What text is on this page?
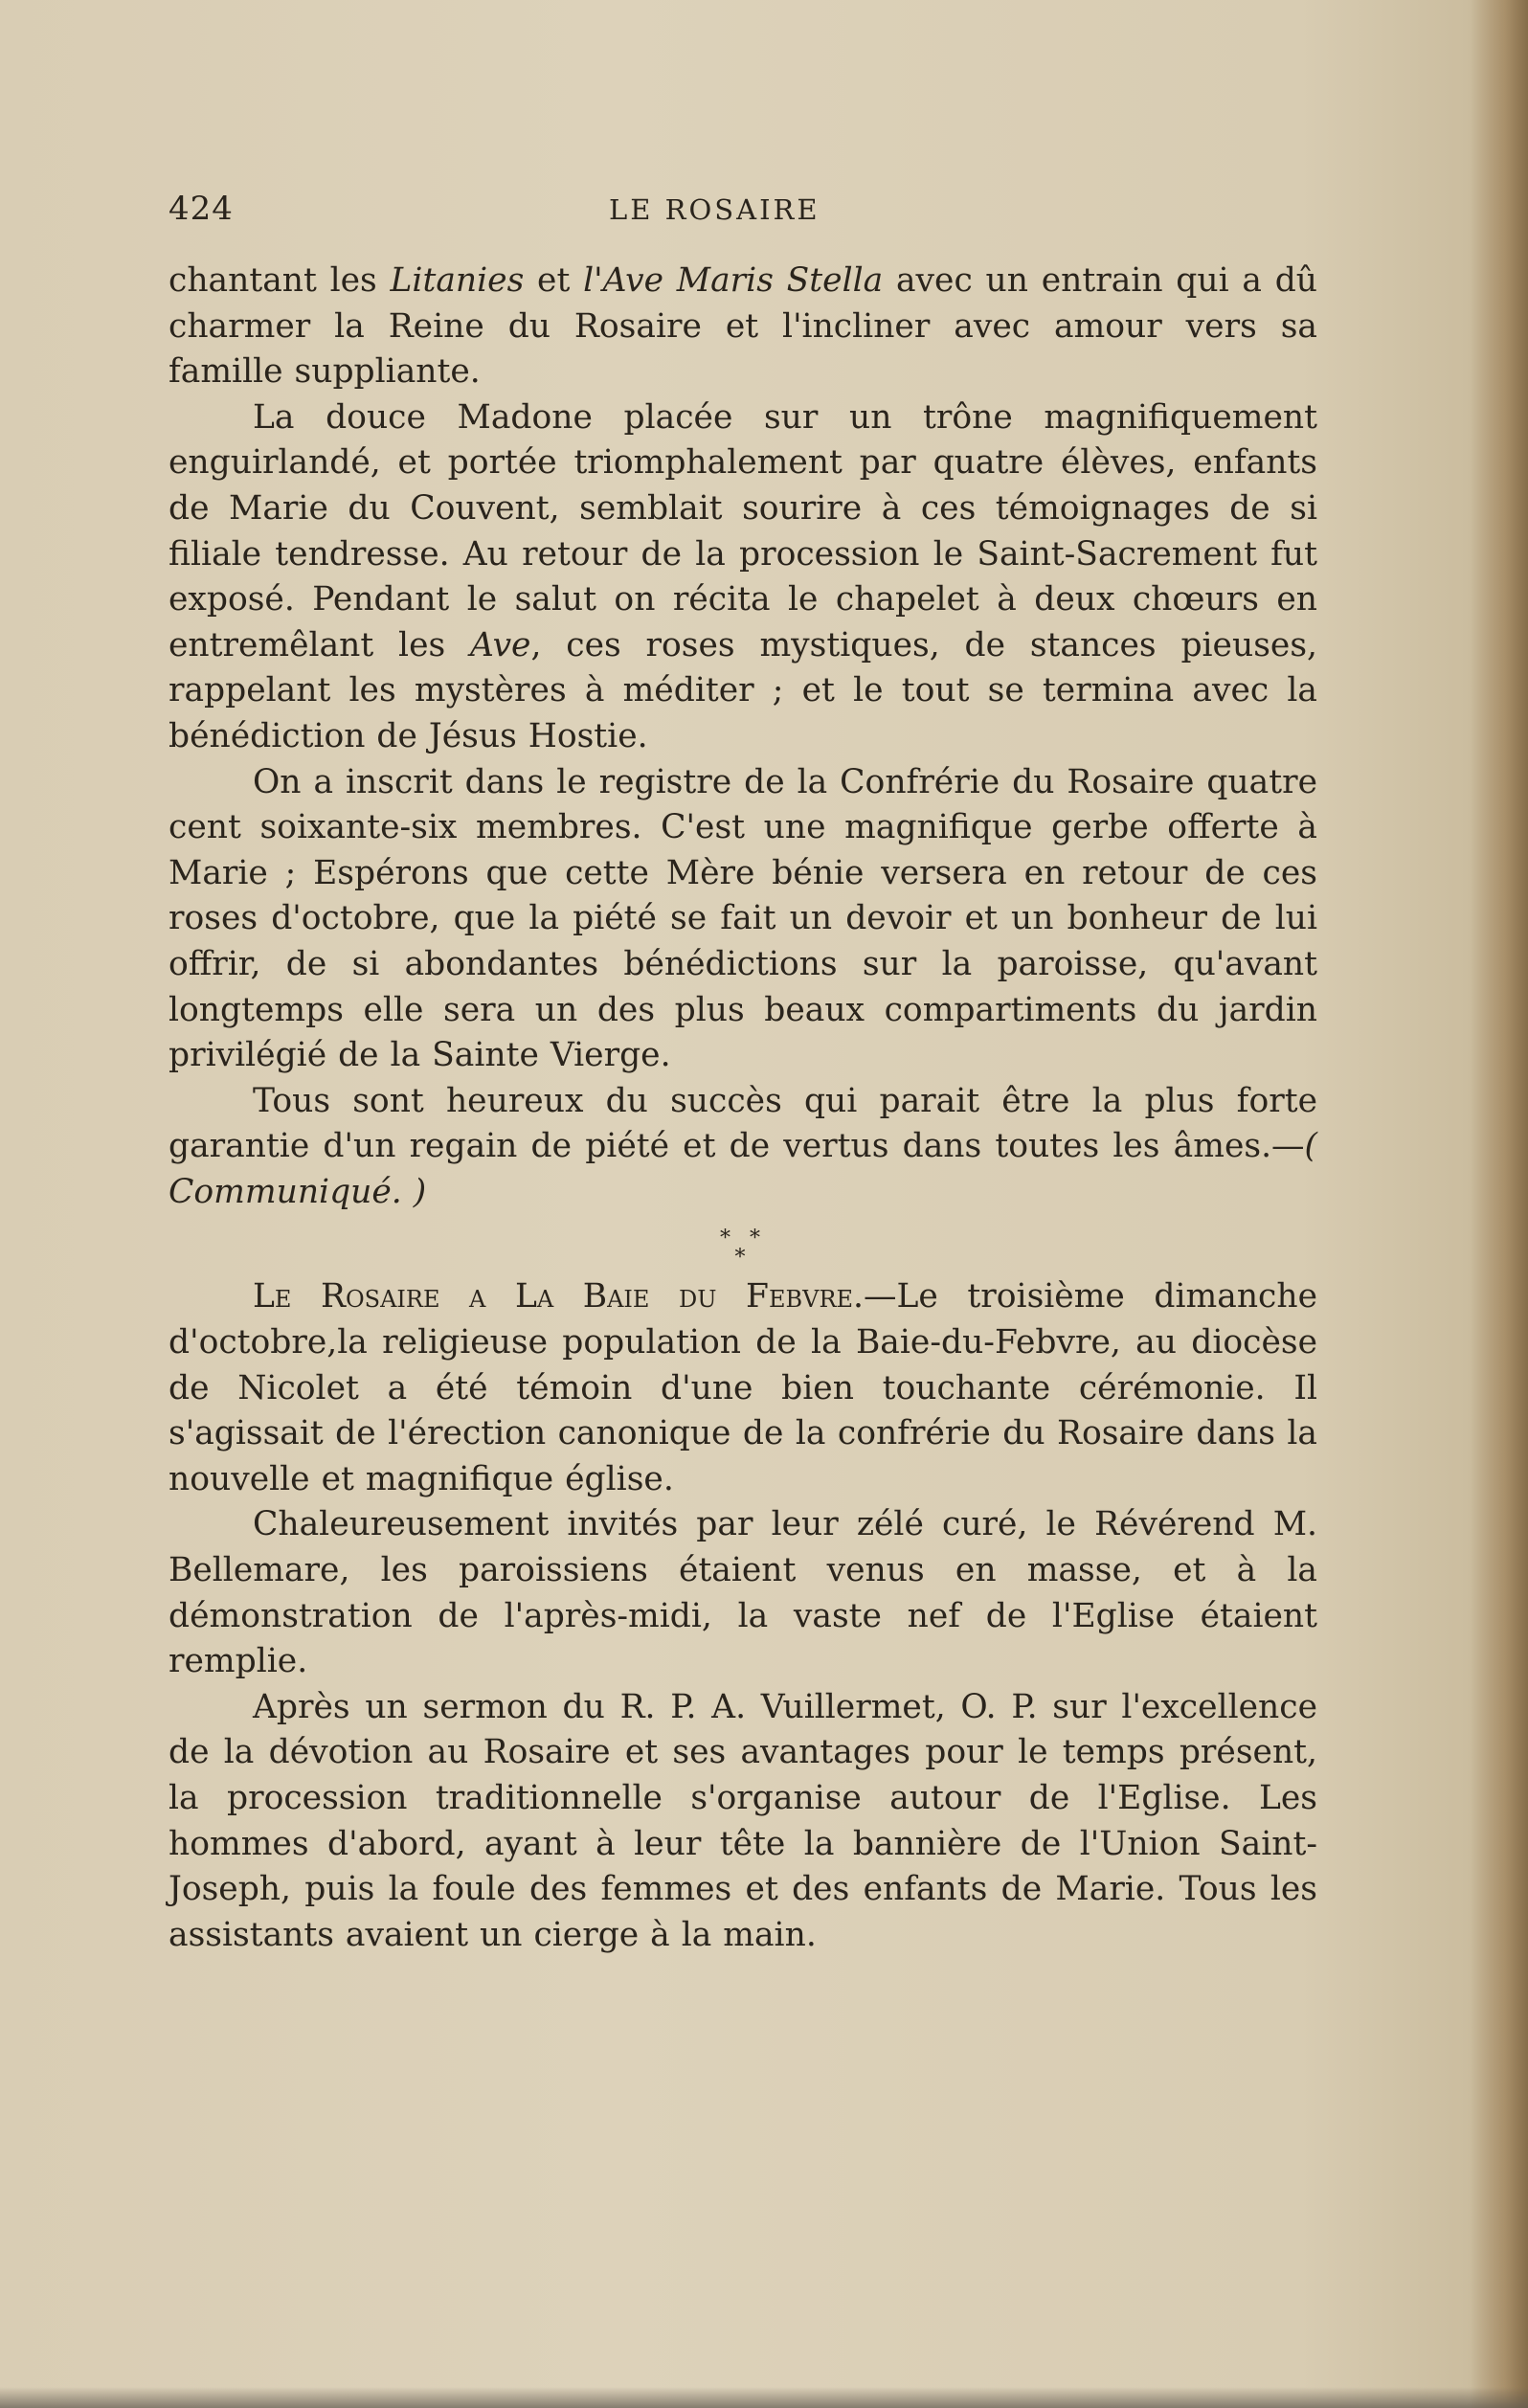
424	LE ROSAIRE

chantant les Litanies et l'Ave Maris Stella avec un entrain qui a dû charmer la Reine du Rosaire et l'incliner avec amour vers sa famille suppliante.

La douce Madone placée sur un trône magnifiquement enguirlandé, et portée triomphalement par quatre élèves, enfants de Marie du Couvent, semblait sourire à ces témoignages de si filiale tendresse. Au retour de la procession le Saint-Sacrement fut exposé. Pendant le salut on récita le chapelet à deux chœurs en entremêlant les Ave, ces roses mystiques, de stances pieuses, rappelant les mystères à méditer ; et le tout se termina avec la bénédiction de Jésus Hostie.

On a inscrit dans le registre de la Confrérie du Rosaire quatre cent soixante-six membres. C'est une magnifique gerbe offerte à Marie ; Espérons que cette Mère bénie versera en retour de ces roses d'octobre, que la piété se fait un devoir et un bonheur de lui offrir, de si abondantes bénédictions sur la paroisse, qu'avant longtemps elle sera un des plus beaux compartiments du jardin privilégié de la Sainte Vierge.

Tous sont heureux du succès qui parait être la plus forte garantie d'un regain de piété et de vertus dans toutes les âmes.—( Communiqué. )

* *
*

Le Rosaire a La Baie du Febvre.—Le troisième dimanche d'octobre,la religieuse population de la Baie-du-Febvre, au diocèse de Nicolet a été témoin d'une bien touchante cérémonie. Il s'agissait de l'érection canonique de la confrérie du Rosaire dans la nouvelle et magnifique église.

Chaleureusement invités par leur zélé curé, le Révérend M. Bellemare, les paroissiens étaient venus en masse, et à la démonstration de l'après-midi, la vaste nef de l'Eglise étaient remplie.

Après un sermon du R. P. A. Vuillermet, O. P. sur l'excellence de la dévotion au Rosaire et ses avantages pour le temps présent, la procession traditionnelle s'organise autour de l'Eglise. Les hommes d'abord, ayant à leur tête la bannière de l'Union Saint-Joseph, puis la foule des femmes et des enfants de Marie. Tous les assistants avaient un cierge à la main.
